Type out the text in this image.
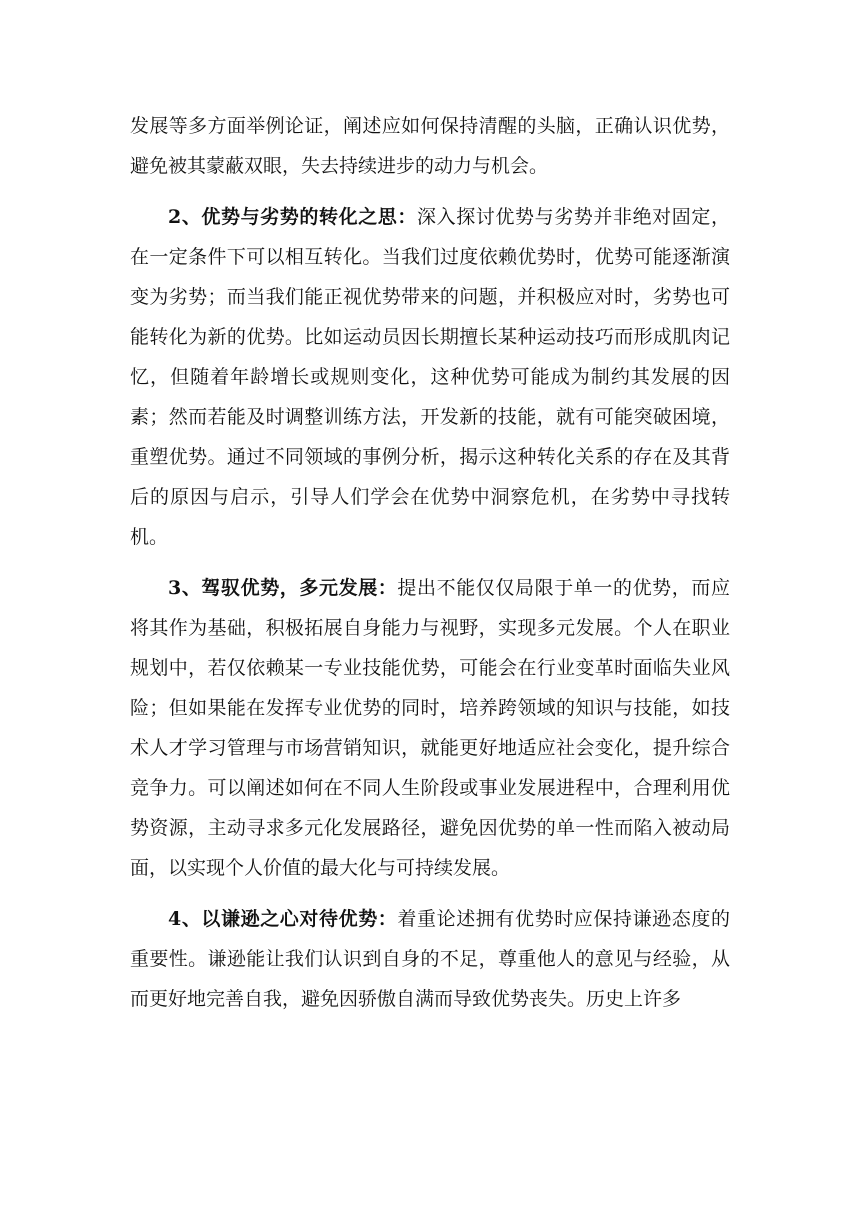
发展等多方面举例论证，阐述应如何保持清醒的头脑，正确认识优势，避免被其蒙蔽双眼，失去持续进步的动力与机会。

2、优势与劣势的转化之思：深入探讨优势与劣势并非绝对固定，在一定条件下可以相互转化。当我们过度依赖优势时，优势可能逐渐演变为劣势；而当我们能正视优势带来的问题，并积极应对时，劣势也可能转化为新的优势。比如运动员因长期擅长某种运动技巧而形成肌肉记忆，但随着年龄增长或规则变化，这种优势可能成为制约其发展的因素；然而若能及时调整训练方法，开发新的技能，就有可能突破困境，重塑优势。通过不同领域的事例分析，揭示这种转化关系的存在及其背后的原因与启示，引导人们学会在优势中洞察危机，在劣势中寻找转机。

3、驾驭优势，多元发展：提出不能仅仅局限于单一的优势，而应将其作为基础，积极拓展自身能力与视野，实现多元发展。个人在职业规划中，若仅依赖某一专业技能优势，可能会在行业变革时面临失业风险；但如果能在发挥专业优势的同时，培养跨领域的知识与技能，如技术人才学习管理与市场营销知识，就能更好地适应社会变化，提升综合竞争力。可以阐述如何在不同人生阶段或事业发展进程中，合理利用优势资源，主动寻求多元化发展路径，避免因优势的单一性而陷入被动局面，以实现个人价值的最大化与可持续发展。

4、以谦逊之心对待优势：着重论述拥有优势时应保持谦逊态度的重要性。谦逊能让我们认识到自身的不足，尊重他人的意见与经验，从而更好地完善自我，避免因骄傲自满而导致优势丧失。历史上许多
